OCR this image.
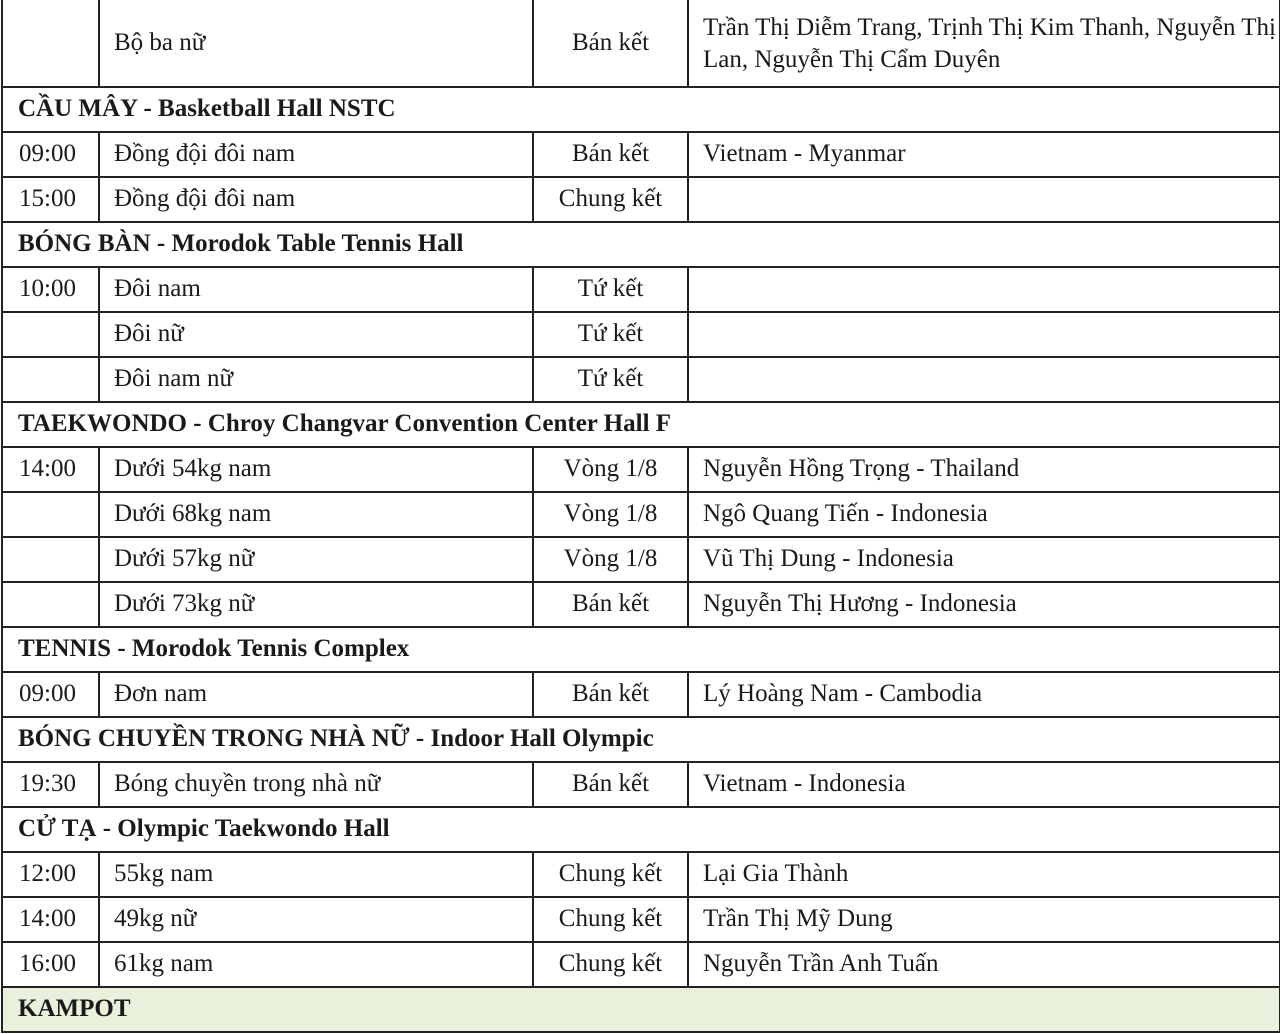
	Bộ ba nữ	Bán kết	Trần Thị Diễm Trang, Trịnh Thị Kim Thanh, Nguyễn Thị Lan, Nguyễn Thị Cẩm Duyên
CẦU MÂY - Basketball Hall NSTC			
09:00	Đồng đội đôi nam	Bán kết	Vietnam - Myanmar
15:00	Đồng đội đôi nam	Chung kết	
BÓNG BÀN - Morodok Table Tennis Hall			
10:00	Đôi nam	Tứ kết	
	Đôi nữ	Tứ kết	
	Đôi nam nữ	Tứ kết	
TAEKWONDO - Chroy Changvar Convention Center Hall F			
14:00	Dưới 54kg nam	Vòng 1/8	Nguyễn Hồng Trọng - Thailand
	Dưới 68kg nam	Vòng 1/8	Ngô Quang Tiến - Indonesia
	Dưới 57kg nữ	Vòng 1/8	Vũ Thị Dung - Indonesia
	Dưới 73kg nữ	Bán kết	Nguyễn Thị Hương - Indonesia
TENNIS - Morodok Tennis Complex			
09:00	Đơn nam	Bán kết	Lý Hoàng Nam - Cambodia
BÓNG CHUYỀN TRONG NHÀ NỮ - Indoor Hall Olympic			
19:30	Bóng chuyền trong nhà nữ	Bán kết	Vietnam - Indonesia
CỬ TẠ - Olympic Taekwondo Hall			
12:00	55kg nam	Chung kết	Lại Gia Thành
14:00	49kg nữ	Chung kết	Trần Thị Mỹ Dung
16:00	61kg nam	Chung kết	Nguyễn Trần Anh Tuấn
KAMPOT			
